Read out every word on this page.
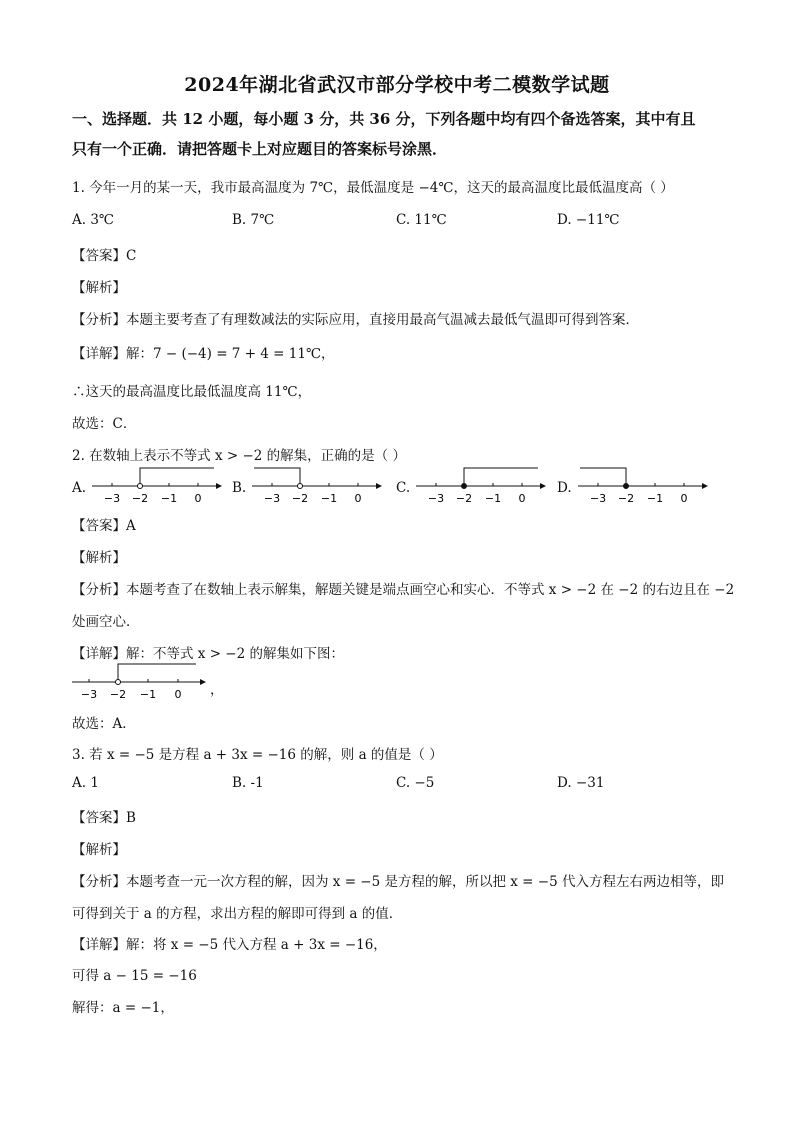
2024年湖北省武汉市部分学校中考二模数学试题
一、选择题．共 12 小题，每小题 3 分，共 36 分，下列各题中均有四个备选答案，其中有且
只有一个正确．请把答题卡上对应题目的答案标号涂黑．
1. 今年一月的某一天，我市最高温度为 7℃，最低温度是 −4℃，这天的最高温度比最低温度高（ ）
A. 3℃	B. 7℃	C. 11℃	D. −11℃
【答案】C
【解析】
【分析】本题主要考查了有理数减法的实际应用，直接用最高气温减去最低气温即可得到答案．
【详解】解：7 − (−4) = 7 + 4 = 11℃，
∴这天的最高温度比最低温度高 11℃，
故选：C．
2. 在数轴上表示不等式 x > −2 的解集，正确的是（ ）
A.
−3 −2 −1 0
B.
−3 −2 −1 0
C.
−3 −2 −1 0
D.
−3 −2 −1 0
【答案】A
【解析】
【分析】本题考查了在数轴上表示解集，解题关键是端点画空心和实心．不等式 x > −2 在 −2 的右边且在 −2
处画空心．
【详解】解：不等式 x > −2 的解集如下图：
−3 −2 −1 0 ，
故选：A．
3. 若 x = −5 是方程 a + 3x = −16 的解，则 a 的值是（ ）
A. 1	B. -1	C. −5	D. −31
【答案】B
【解析】
【分析】本题考查一元一次方程的解，因为 x = −5 是方程的解，所以把 x = −5 代入方程左右两边相等，即
可得到关于 a 的方程，求出方程的解即可得到 a 的值．
【详解】解：将 x = −5 代入方程 a + 3x = −16，
可得 a − 15 = −16
解得：a = −1，
